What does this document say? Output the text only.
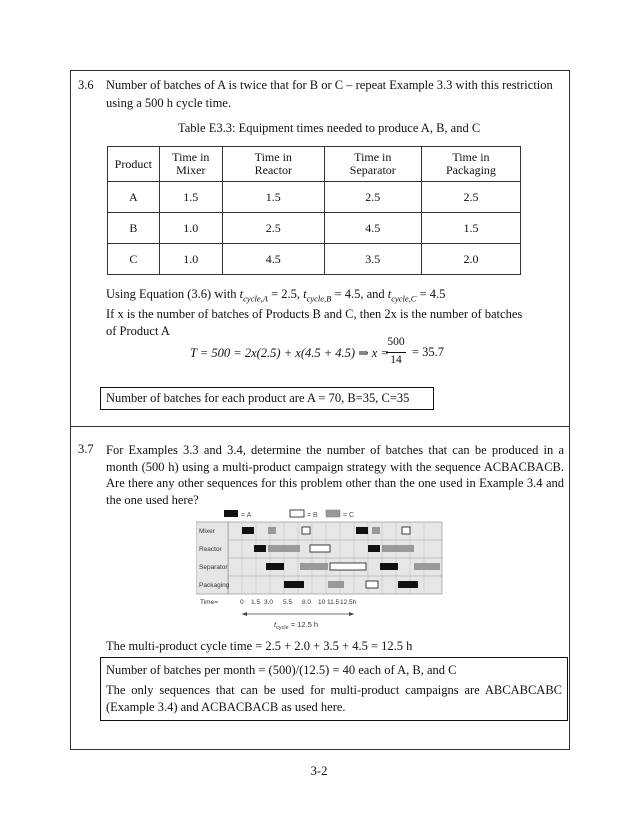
3.6 Number of batches of A is twice that for B or C – repeat Example 3.3 with this restriction
using a 500 h cycle time.
Table E3.3: Equipment times needed to produce A, B, and C
Product	Time in Mixer	Time in Reactor	Time in Separator	Time in Packaging
A	1.5	1.5	2.5	2.5
B	1.0	2.5	4.5	1.5
C	1.0	4.5	3.5	2.0
Using Equation (3.6) with $t_{cycle,A} = 2.5$, $t_{cycle,B} = 4.5$, and $t_{cycle,C} = 4.5$
If x is the number of batches of Products B and C, then 2x is the number of batches
of Product A
T = 500 = 2x(2.5) + x(4.5 + 4.5) ⇒ x =
500
14
= 35.7
Number of batches for each product are A = 70, B=35, C=35
3.7 For Examples 3.3 and 3.4, determine the number of batches that can be produced in a month (500 h) using a multi-product campaign strategy with the sequence ACBACBACB. Are there any other sequences for this problem other than the one used in Example 3.4 and the one used here?
= A	= B	= C
Mixer
Reactor
Separator
Packaging
Time=	0 1.5 3.0 5.5 8.0 10 11.5 12.5h
$t_{cycle} = 12.5$ h
The multi-product cycle time = 2.5 + 2.0 + 3.5 + 4.5 = 12.5 h
Number of batches per month = (500)/(12.5) = 40 each of A, B, and C
The only sequences that can be used for multi-product campaigns are ABCABCABC (Example 3.4) and ACBACBACB as used here.
3-2
